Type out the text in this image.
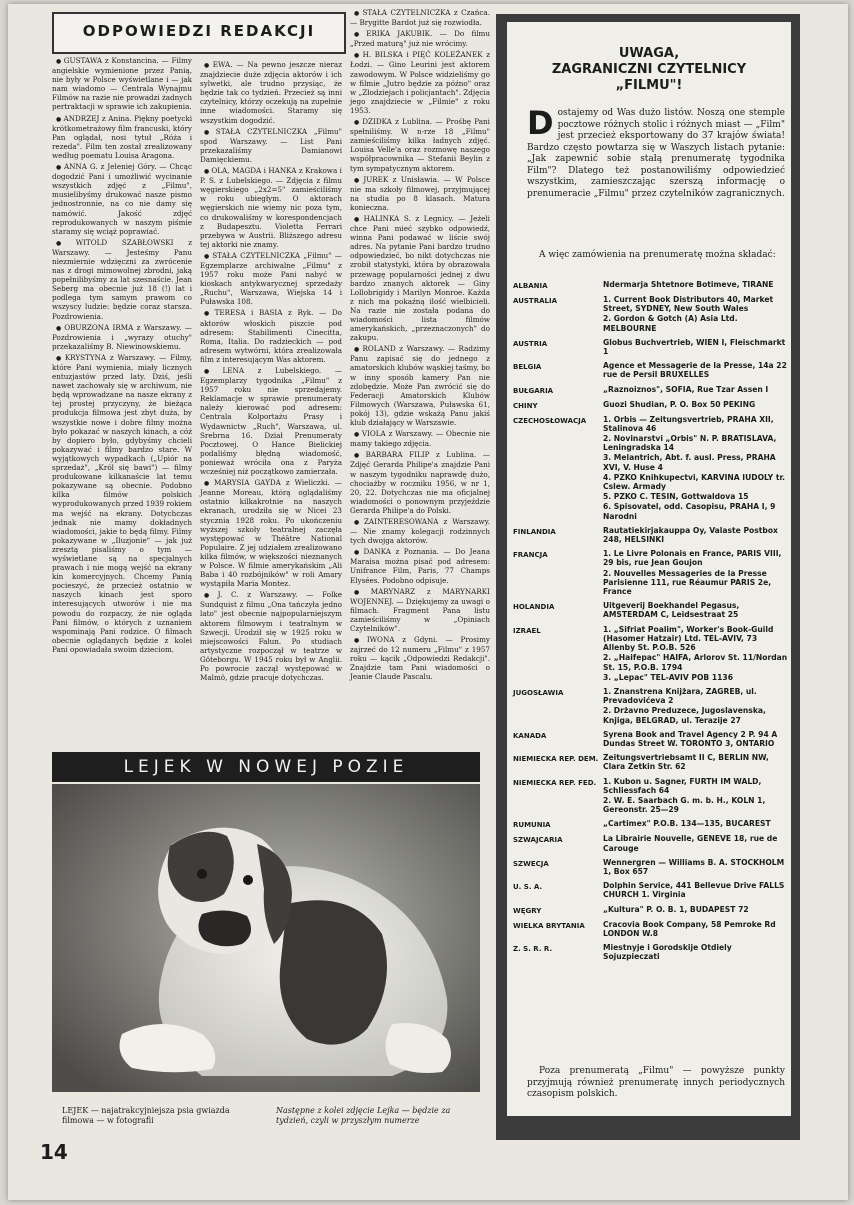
ODPOWIEDZI REDAKCJI

● GUSTAWA z Konstancina. — Filmy angielskie wymienione przez Panią, nie były w Polsce wyświetlane i — jak nam wiadomo — Centrala Wynajmu Filmów na razie nie prowadzi żadnych pertraktacji w sprawie ich zakupienia.

● ANDRZEJ z Anina. Piękny poetycki krótkometrażowy film francuski, który Pan oglądał, nosi tytuł „Róża i rezeda". Film ten został zrealizowany według poematu Louisa Aragona.

● ANNA G. z Jeleniej Góry. — Chcąc dogodzić Pani i umożliwić wycinanie wszystkich zdjęć z „Filmu", musielibyśmy drukować nasze pismo jednostronnie, na co nie damy się namówić. Jakość zdjęć reprodukowanych w naszym piśmie staramy się wciąż poprawiać.

● WITOLD SZABŁOWSKI z Warszawy. — Jesteśmy Panu niezmiernie wdzięczni za zwrócenie nas z drogi mimowolnej zbrodni, jaką popełnilibyśmy za lat szesnaście. Jean Seberg ma obecnie już 18 (!) lat i podlega tym samym prawom co wszyscy ludzie: będzie coraz starsza. Pozdrowienia.

● OBURZONA IRMA z Warszawy. — Pozdrowienia i „wyrazy otuchy" przekazaliśmy B. Niewinowskiemu.

● KRYSTYNA z Warszawy. — Filmy, które Pani wymienia, miały licznych entuzjastów przed laty. Dziś, jeśli nawet zachowały się w archiwum, nie będą wprowadzane na nasze ekrany z tej prostej przyczyny, że bieżąca produkcja filmowa jest zbyt duża, by wszystkie nowe i dobre filmy można było pokazać w naszych kinach, a cóż by dopiero było, gdybyśmy chcieli pokazywać i filmy bardzo stare. W wyjątkowych wypadkach („Upiór na sprzedaż", „Król się bawi") — filmy produkowane kilkanaście lat temu pokazywane są obecnie. Podobno kilka filmów polskich wyprodukowanych przed 1939 rokiem ma wejść na ekrany. Dotychczas jednak nie mamy dokładnych wiadomości, jakie to będą filmy. Filmy pokazywane w „Iluzjonie" — jak już zresztą pisaliśmy o tym — wyświetlane są na specjalnych prawach i nie mogą wejść na ekrany kin komercyjnych. Chcemy Panią pocieszyć, że przecież ostatnio w naszych kinach jest sporo interesujących utworów i nie ma powodu do rozpaczy, że nie ogląda Pani filmów, o których z uznaniem wspominają Pani rodzice. O filmach obecnie oglądanych będzie z kolei Pani opowiadała swoim dzieciom.

● EWA. — Na pewno jeszcze nieraz znajdziecie duże zdjęcia aktorów i ich sylwetki, ale trudno przysiąc, że będzie tak co tydzień. Przecież są inni czytelnicy, którzy oczekują na zupełnie inne wiadomości. Staramy się wszystkim dogodzić.

● STAŁA CZYTELNICZKA „Filmu" spod Warszawy. — List Pani przekazaliśmy Damianowi Damięckiemu.

● OLA, MAGDA i HANKA z Krakowa i P. S. z Lubelskiego. — Zdjęcia z filmu węgierskiego „2x2=5" zamieściliśmy w roku ubiegłym. O aktorach węgierskich nie wiemy nic poza tym, co drukowaliśmy w korespondencjach z Budapesztu. Violetta Ferrari przebywa w Austrii. Bliższego adresu tej aktorki nie znamy.

● STAŁA CZYTELNICZKA „Filmu" — Egzemplarze archiwalne „Filmu" z 1957 roku może Pani nabyć w kioskach antykwarycznej sprzedaży „Ruchu", Warszawa, Wiejska 14 i Puławska 108.

● TERESA i BASIA z Ryk. — Do aktorów włoskich piszcie pod adresem: Stabilimenti Cinecitta, Roma, Italia. Do radzieckich — pod adresem wytwórni, która zrealizowała film z interesującym Was aktorem.

● LENA z Lubelskiego. — Egzemplarzy tygodnika „Filmu" z 1957 roku nie sprzedajemy. Reklamacje w sprawie prenumeraty należy kierować pod adresem: Centrala Kolportażu Prasy i Wydawnictw „Ruch", Warszawa, ul. Srebrna 16. Dział Prenumeraty Pocztowej. O Hance Bielickiej podaliśmy błędną wiadomość, ponieważ wróciła ona z Paryża wcześniej niż początkowo zamierzała.

● MARYSIA GAYDA z Wieliczki. — Jeanne Moreau, którą oglądaliśmy ostatnio kilkakrotnie na naszych ekranach, urodziła się w Nicei 23 stycznia 1928 roku. Po ukończeniu wyższej szkoły teatralnej zaczęła występować w Théâtre National Populaire. Z jej udziałem zrealizowano kilka filmów, w większości nieznanych w Polsce. W filmie amerykańskim „Ali Baba i 40 rozbójników" w roli Amary wystąpiła Maria Montez.

● J. C. z Warszawy. — Folke Sundquist z filmu „Ona tańczyła jedno lato" jest obecnie najpopularniejszym aktorem filmowym i teatralnym w Szwecji. Urodził się w 1925 roku w miejscowości Falun. Po studiach artystyczne rozpoczął w teatrze w Göteborgu. W 1945 roku był w Anglii. Po powrocie zaczął występować w Malmö, gdzie pracuje dotychczas.

● STAŁA CZYTELNICZKA z Czańca. — Brygitte Bardot już się rozwiodła.

● ERIKA JAKUBIK. — Do filmu „Przed maturą" już nie wrócimy.

● H. BILSKA i PIĘĆ KOLEŻANEK z Łodzi. — Gino Leurini jest aktorem zawodowym. W Polsce widzieliśmy go w filmie „Jutro będzie za późno" oraz w „Złodziejach i policjantach". Zdjęcia jego znajdziecie w „Filmie" z roku 1953.

● DZIDKA z Lublina. — Prośbę Pani spełniliśmy. W n-rze 18 „Filmu" zamieściliśmy kilka ładnych zdjęć. Louisa Velle'a oraz rozmowę naszego współpracownika — Stefanii Beylin z tym sympatycznym aktorem.

● JUREK z Unisławia. — W Polsce nie ma szkoły filmowej, przyjmującej na studia po 8 klasach. Matura konieczna.

● HALINKA S. z Legnicy. — Jeżeli chce Pani mieć szybko odpowiedź, winna Pani podawać w liście swój adres. Na pytanie Pani bardzo trudno odpowiedzieć, bo nikt dotychczas nie zrobił statystyki, która by obrazowała przewagę popularności jednej z dwu bardzo znanych aktorek — Giny Lollobrigidy i Marilyn Monroe. Każda z nich ma pokaźną ilość wielbicieli. Na razie nie została podana do wiadomości lista filmów amerykańskich, „przeznaczonych" do zakupu.

● ROLAND z Warszawy. — Radzimy Panu zapisać się do jednego z amatorskich klubów wąskiej taśmy, bo w inny sposób kamery Pan nie zdobędzie. Może Pan zwrócić się do Federacji Amatorskich Klubów Filmowych (Warszawa, Puławska 61, pokój 13), gdzie wskażą Panu jakiś klub działający w Warszawie.

● VIOLA z Warszawy. — Obecnie nie mamy takiego zdjęcia.

● BARBARA FILIP z Lublina. — Zdjęć Gerarda Philipe'a znajdzie Pani w naszym tygodniku naprawdę dużo, chociażby w roczniku 1956, w nr 1, 20, 22. Dotychczas nie ma oficjalnej wiadomości o ponownym przyjeździe Gerarda Philipe'a do Polski.

● ZAINTERESOWANA z Warszawy. — Nie znamy kolegacji rodzinnych tych dwojga aktorów.

● DANKA z Poznania. — Do Jeana Maraisa można pisać pod adresem: Unifrance Film, Paris, 77 Champs Elysées. Podobno odpisuje.

● MARYNARZ z MARYNARKI WOJENNEJ. — Dziękujemy za uwagi o filmach. Fragment Pana listu zamieściliśmy w „Opiniach Czytelników".

● IWONA z Gdyni. — Prosimy zajrzeć do 12 numeru „Filmu" z 1957 roku — kącik „Odpowiedzi Redakcji". Znajdzie tam Pani wiadomości o Jeanie Claude Pascalu.

LEJEK W NOWEJ POZIE
LEJEK — najatrakcyjniejsza psia gwiazda filmowa — w fotografii
Następne z kolei zdjęcie Lejka — będzie za tydzień, czyli w przyszłym numerze
14
UWAGA,
ZAGRANICZNI CZYTELNICY
„FILMU"!
D ostajemy od Was dużo listów. Noszą one stemple pocztowe różnych stolic i różnych miast — „Film" jest przecież eksportowany do 37 krajów świata! Bardzo często powtarza się w Waszych listach pytanie: „Jak zapewnić sobie stałą prenumeratę tygodnika Film"? Dlatego też postanowiliśmy odpowiedzieć wszystkim, zamieszczając szerszą informację o prenumeracie „Filmu" przez czytelników zagranicznych.
A więc zamówienia na prenumeratę można składać:
ALBANIA	Ndermarja Shtetnore Botimeve, TIRANE
AUSTRALIA	1. Current Book Distributors 40, Market Street, SYDNEY, New South Wales
2. Gordon & Gotch (A) Asia Ltd. MELBOURNE
AUSTRIA	Globus Buchvertrieb, WIEN I, Fleischmarkt 1
BELGIA	Agence et Messagerie de la Presse, 14a 22 rue de Persil BRUXELLES
BUŁGARIA	„Raznoiznos", SOFIA, Rue Tzar Assen I
CHINY	Guozi Shudian, P. O. Box 50 PEKING
CZECHOSŁOWACJA	1. Orbis — Zeitungsvertrieb, PRAHA XII, Stalinova 46
2. Novinarstvi „Orbis" N. P. BRATISLAVA, Leningradska 14
3. Melantrich, Abt. f. ausl. Press, PRAHA XVI, V. Huse 4
4. PZKO Knihkupectvi, KARVINA IUDOLY tr. Cslew. Armady
5. PZKO C. TESIN, Gottwaldova 15
6. Spisovatel, odd. Casopisu, PRAHA I, 9 Narodni
FINLANDIA	Rautatiekirjakauppa Oy, Valaste Postbox 248, HELSINKI
FRANCJA	1. Le Livre Polonais en France, PARIS VIII, 29 bis, rue Jean Goujon
2. Nouvelles Messageries de la Presse Parisienne 111, rue Réaumur PARIS 2e, France
HOLANDIA	Uitgeverij Boekhandel Pegasus, AMSTERDAM C, Leidsestraat 25
IZRAEL	1. „Sifriat Poalim", Worker's Book-Guild (Hasomer Hatzair) Ltd. TEL-AVIV, 73 Allenby St. P.O.B. 526
2. „Haifepac" HAIFA, Arlorov St. 11/Nordan St. 15, P.O.B. 1794
3. „Lepac" TEL-AVIV POB 1136
JUGOSŁAWIA	1. Znanstrena Knijżara, ZAGREB, ul. Prevadovićeva 2
2. Drżavno Preduzece, Jugoslavenska, Knjiga, BELGRAD, ul. Terazije 27
KANADA	Syrena Book and Travel Agency 2 P. 94 A Dundas Street W. TORONTO 3, ONTARIO
NIEMIECKA REP. DEM. Zeitungsvertriebsamt II C, BERLIN NW, Clara Zetkin Str. 62
NIEMIECKA REP. FED. 1. Kubon u. Sagner, FURTH IM WALD, Schliessfach 64
2. W. E. Saarbach G. m. b. H., KOLN 1, Gereonstr. 25—29
RUMUNIA	„Cartimex" P.O.B. 134—135, BUCAREST
SZWAJCARIA	La Librairie Nouvelle, GENEVE 18, rue de Carouge
SZWECJA	Wennergren — Williams B. A. STOCKHOLM 1, Box 657
U. S. A.	Dolphin Service, 441 Bellevue Drive FALLS CHURCH 1. Virginia
WĘGRY	„Kultura" P. O. B. 1, BUDAPEST 72
WIELKA BRYTANIA	Cracovia Book Company, 58 Pemroke Rd LONDON W.8
Z. S. R. R.	Miestnyje i Gorodskije Otdiely Sojuzpieczati
Poza prenumeratą „Filmu" — powyższe punkty przyjmują również prenumeratę innych periodycznych czasopism polskich.
